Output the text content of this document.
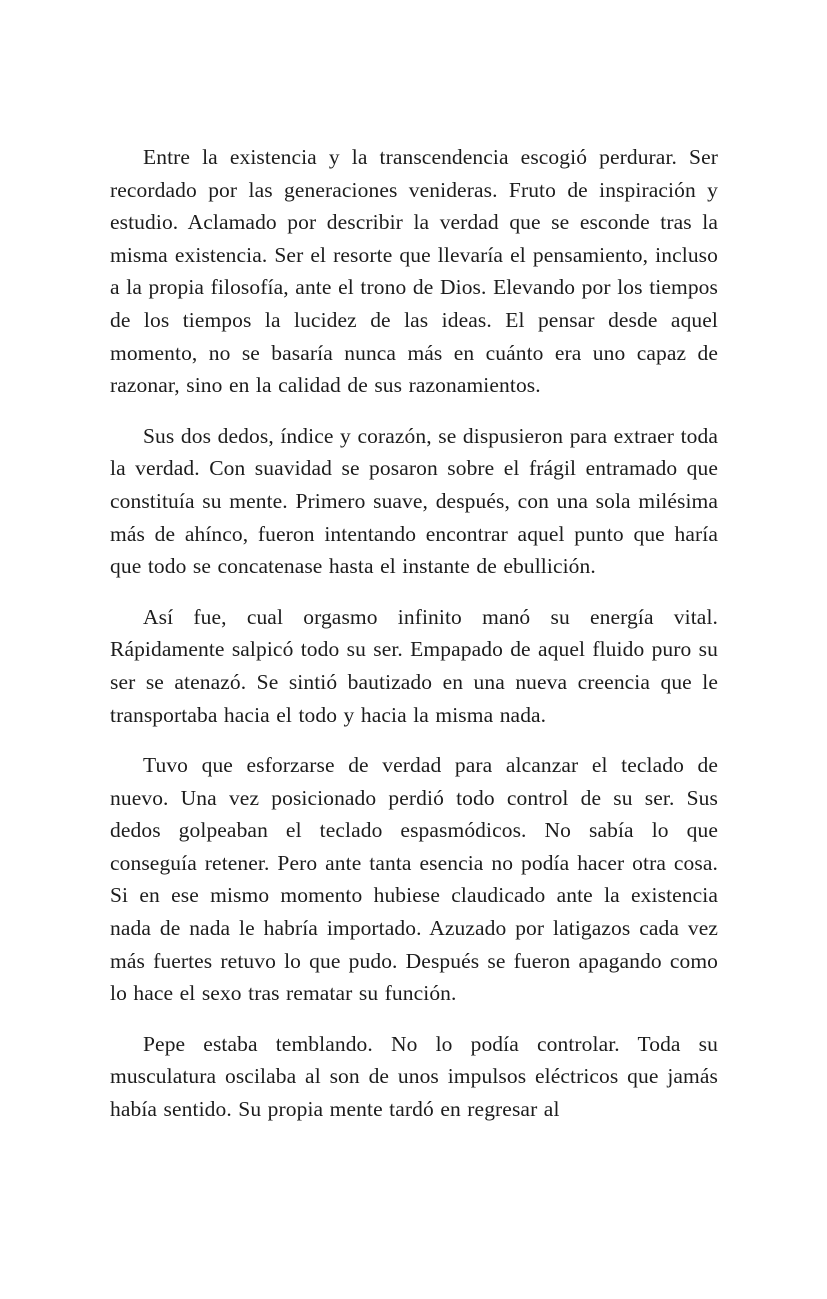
Entre la existencia y la transcendencia escogió perdurar. Ser recordado por las generaciones venideras. Fruto de inspiración y estudio. Aclamado por describir la verdad que se esconde tras la misma existencia. Ser el resorte que llevaría el pensamiento, incluso a la propia filosofía, ante el trono de Dios. Elevando por los tiempos de los tiempos la lucidez de las ideas. El pensar desde aquel momento, no se basaría nunca más en cuánto era uno capaz de razonar, sino en la calidad de sus razonamientos.

Sus dos dedos, índice y corazón, se dispusieron para extraer toda la verdad. Con suavidad se posaron sobre el frágil entramado que constituía su mente. Primero suave, después, con una sola milésima más de ahínco, fueron intentando encontrar aquel punto que haría que todo se concatenase hasta el instante de ebullición.

Así fue, cual orgasmo infinito manó su energía vital. Rápidamente salpicó todo su ser. Empapado de aquel fluido puro su ser se atenazó. Se sintió bautizado en una nueva creencia que le transportaba hacia el todo y hacia la misma nada.

Tuvo que esforzarse de verdad para alcanzar el teclado de nuevo. Una vez posicionado perdió todo control de su ser. Sus dedos golpeaban el teclado espasmódicos. No sabía lo que conseguía retener. Pero ante tanta esencia no podía hacer otra cosa. Si en ese mismo momento hubiese claudicado ante la existencia nada de nada le habría importado. Azuzado por latigazos cada vez más fuertes retuvo lo que pudo. Después se fueron apagando como lo hace el sexo tras rematar su función.

Pepe estaba temblando. No lo podía controlar. Toda su musculatura oscilaba al son de unos impulsos eléctricos que jamás había sentido. Su propia mente tardó en regresar al
